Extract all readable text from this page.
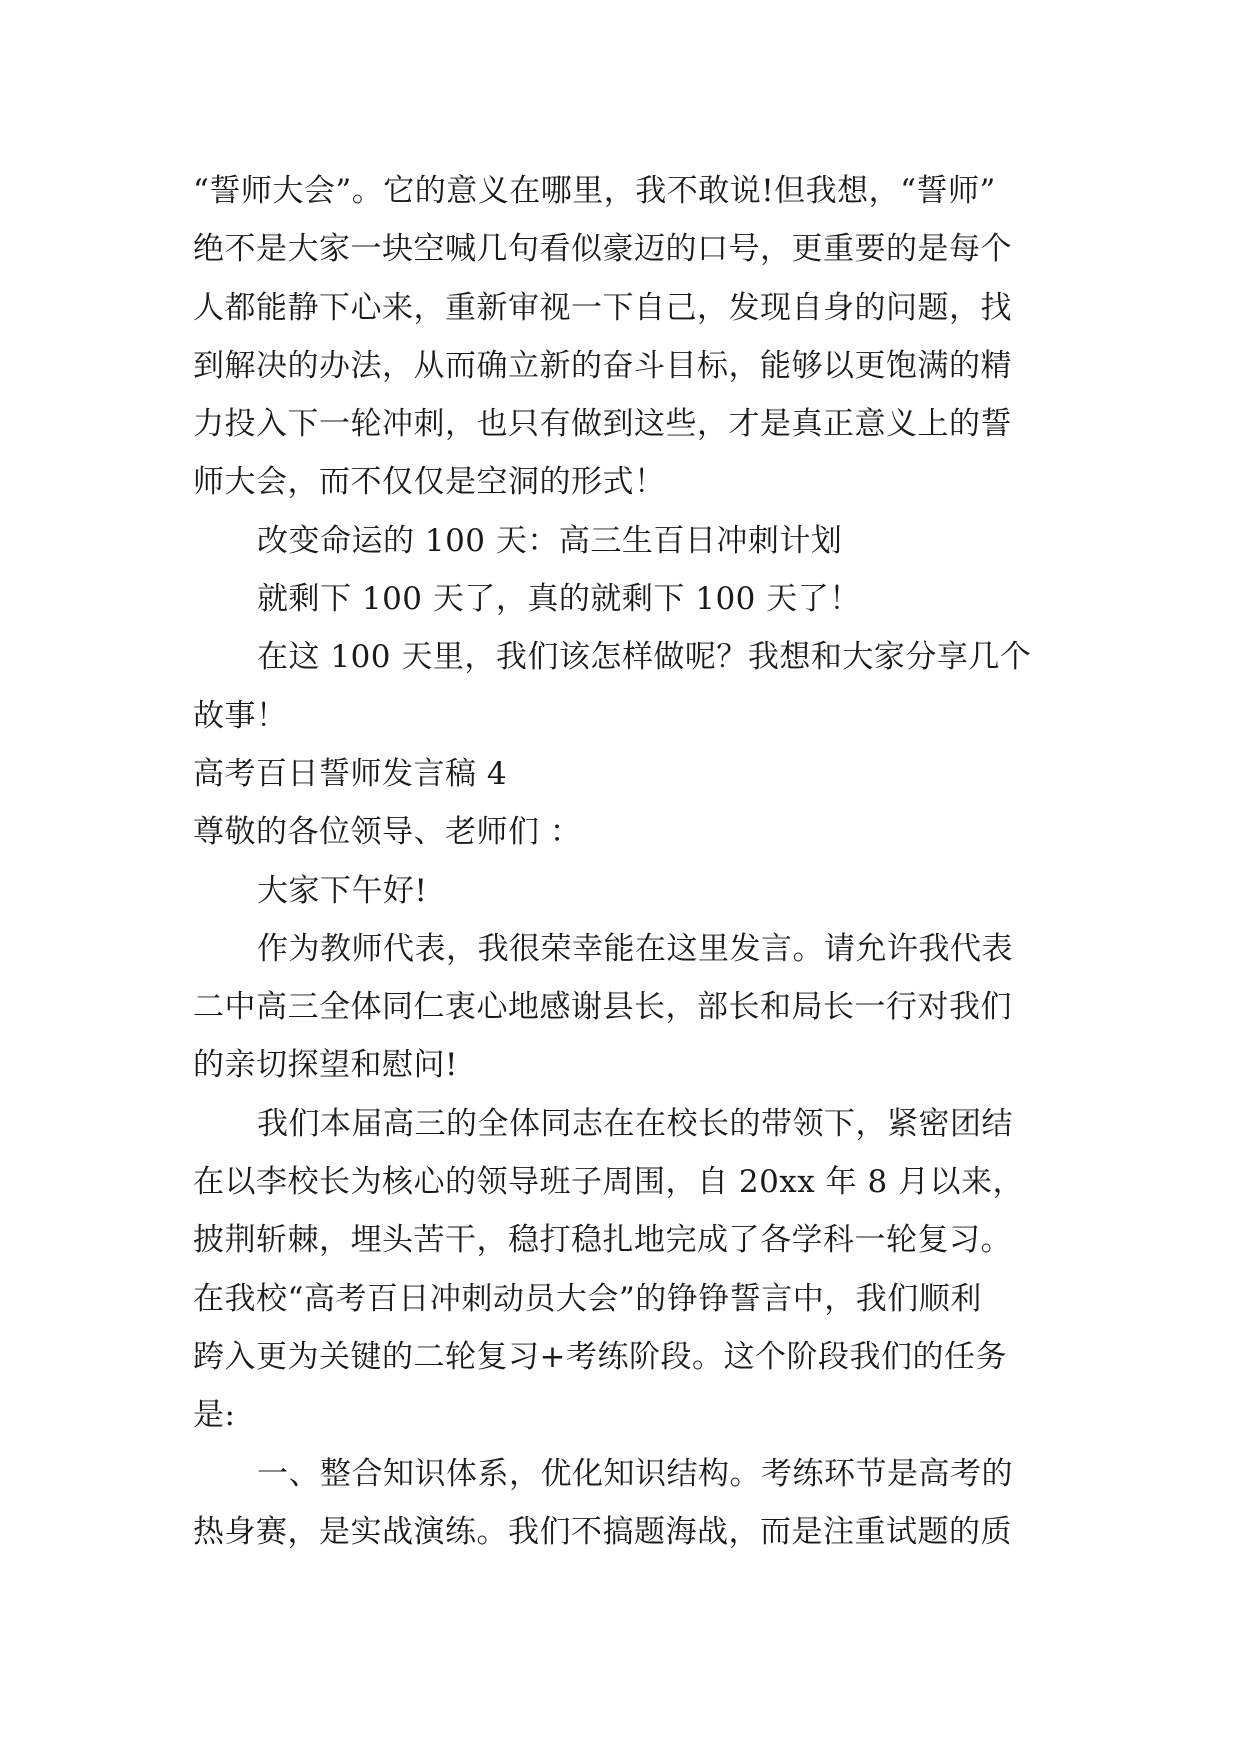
“誓师大会”。它的意义在哪里，我不敢说!但我想，“誓师”
绝不是大家一块空喊几句看似豪迈的口号，更重要的是每个
人都能静下心来，重新审视一下自己，发现自身的问题，找
到解决的办法，从而确立新的奋斗目标，能够以更饱满的精
力投入下一轮冲刺，也只有做到这些，才是真正意义上的誓
师大会，而不仅仅是空洞的形式！
改变命运的 100 天：高三生百日冲刺计划
就剩下 100 天了，真的就剩下 100 天了！
在这 100 天里，我们该怎样做呢？我想和大家分享几个
故事！
高考百日誓师发言稿 4
尊敬的各位领导、老师们 ：
大家下午好!
作为教师代表，我很荣幸能在这里发言。请允许我代表
二中高三全体同仁衷心地感谢县长，部长和局长一行对我们
的亲切探望和慰问!
我们本届高三的全体同志在在校长的带领下，紧密团结
在以李校长为核心的领导班子周围，自 20xx 年 8 月以来，
披荆斩棘，埋头苦干，稳打稳扎地完成了各学科一轮复习。
在我校“高考百日冲刺动员大会”的铮铮誓言中，我们顺利
跨入更为关键的二轮复习+考练阶段。这个阶段我们的任务
是:
一、整合知识体系，优化知识结构。考练环节是高考的
热身赛，是实战演练。我们不搞题海战，而是注重试题的质
